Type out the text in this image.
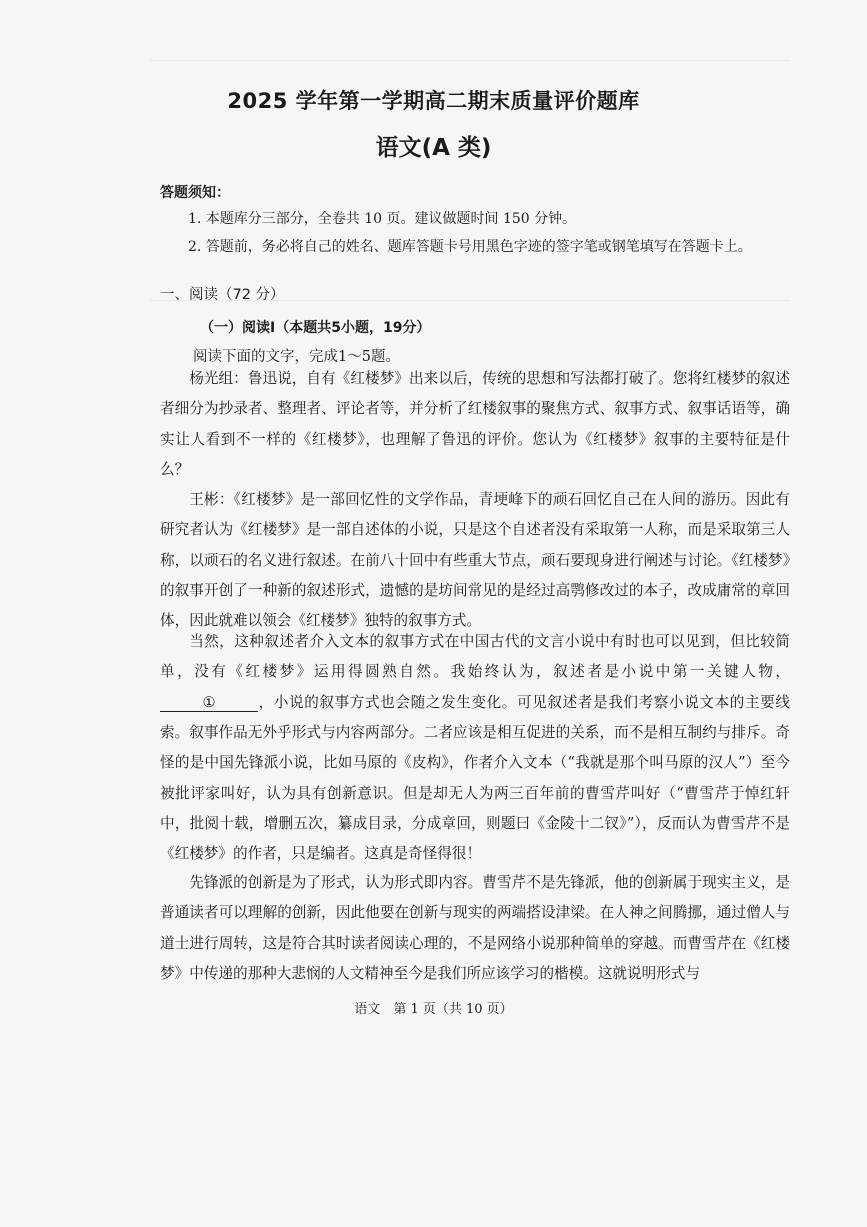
2025 学年第一学期高二期末质量评价题库
语文(A 类)
答题须知：
1. 本题库分三部分，全卷共 10 页。建议做题时间 150 分钟。
2. 答题前，务必将自己的姓名、题库答题卡号用黑色字迹的签字笔或钢笔填写在答题卡上。
一、阅读（72 分）
（一）阅读I（本题共5小题，19分）
阅读下面的文字，完成1～5题。
杨光组：鲁迅说，自有《红楼梦》出来以后，传统的思想和写法都打破了。您将红楼梦的叙述者细分为抄录者、整理者、评论者等，并分析了红楼叙事的聚焦方式、叙事方式、叙事话语等，确实让人看到不一样的《红楼梦》，也理解了鲁迅的评价。您认为《红楼梦》叙事的主要特征是什么？
王彬：《红楼梦》是一部回忆性的文学作品，青埂峰下的顽石回忆自己在人间的游历。因此有研究者认为《红楼梦》是一部自述体的小说，只是这个自述者没有采取第一人称，而是采取第三人称，以顽石的名义进行叙述。在前八十回中有些重大节点，顽石要现身进行阐述与讨论。《红楼梦》的叙事开创了一种新的叙述形式，遗憾的是坊间常见的是经过高鹗修改过的本子，改成庸常的章回体，因此就难以领会《红楼梦》独特的叙事方式。
当然，这种叙述者介入文本的叙事方式在中国古代的文言小说中有时也可以见到，但比较简单，没有《红楼梦》运用得圆熟自然。我始终认为，叙述者是小说中第一关键人物，①	，小说的叙事方式也会随之发生变化。可见叙述者是我们考察小说文本的主要线索。 叙事作品无外乎形式与内容两部分。二者应该是相互促进的关系，而不是相互制约与排斥。奇怪的是中国先锋派小说，比如马原的《皮构》，作者介入文本（“我就是那个叫马原的汉人”）至今被批评家叫好，认为具有创新意识。但是却无人为两三百年前的曹雪芹叫好（“曹雪芹于悼红轩中，批阅十载，增删五次，纂成目录，分成章回，则题曰《金陵十二钗》”），反而认为曹雪芹不是《红楼梦》的作者，只是编者。这真是奇怪得很！
先锋派的创新是为了形式，认为形式即内容。曹雪芹不是先锋派，他的创新属于现实主义，是普通读者可以理解的创新，因此他要在创新与现实的两端搭设津梁。在人神之间腾挪，通过僧人与道士进行周转，这是符合其时读者阅读心理的，不是网络小说那种简单的穿越。而曹雪芹在《红楼梦》中传递的那种大悲悯的人文精神至今是我们所应该学习的楷模。这就说明形式与
语文　第 1 页（共 10 页）
